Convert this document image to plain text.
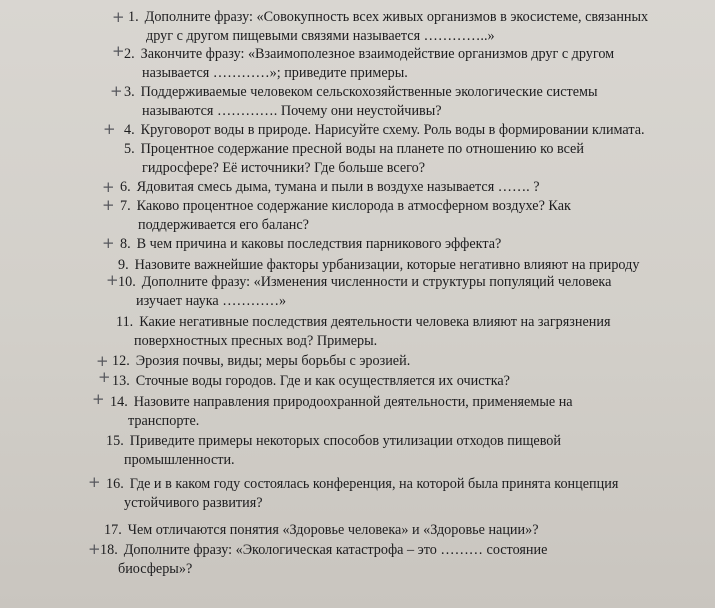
1. Дополните фразу: «Совокупность всех живых организмов в экосистеме, связанных
друг с другом пищевыми связями называется …………..»
+
2. Закончите фразу: «Взаимополезное взаимодействие организмов друг с другом
называется …………»; приведите примеры.
+
3. Поддерживаемые человеком сельскохозяйственные экологические системы
называются …………. Почему они неустойчивы?
+
4. Круговорот воды в природе. Нарисуйте схему. Роль воды в формировании климата.
+
5. Процентное содержание пресной воды на планете по отношению ко всей
гидросфере? Её источники? Где больше всего?
6. Ядовитая смесь дыма, тумана и пыли в воздухе называется ……. ?
+
7. Каково процентное содержание кислорода в атмосферном воздухе? Как
поддерживается его баланс?
+
8. В чем причина и каковы последствия парникового эффекта?
+
9. Назовите важнейшие факторы урбанизации, которые негативно влияют на природу
10. Дополните фразу: «Изменения численности и структуры популяций человека
изучает наука …………»
+
11. Какие негативные последствия деятельности человека влияют на загрязнения
поверхностных пресных вод? Примеры.
12. Эрозия почвы, виды; меры борьбы с эрозией.
+
13. Сточные воды городов. Где и как осуществляется их очистка?
+
14. Назовите направления природоохранной деятельности, применяемые на
транспорте.
+
15. Приведите примеры некоторых способов утилизации отходов пищевой
промышленности.
16. Где и в каком году состоялась конференция, на которой была принята концепция
устойчивого развития?
+
17. Чем отличаются понятия «Здоровье человека» и «Здоровье нации»?
18. Дополните фразу: «Экологическая катастрофа – это ……… состояние
биосферы»?
+
